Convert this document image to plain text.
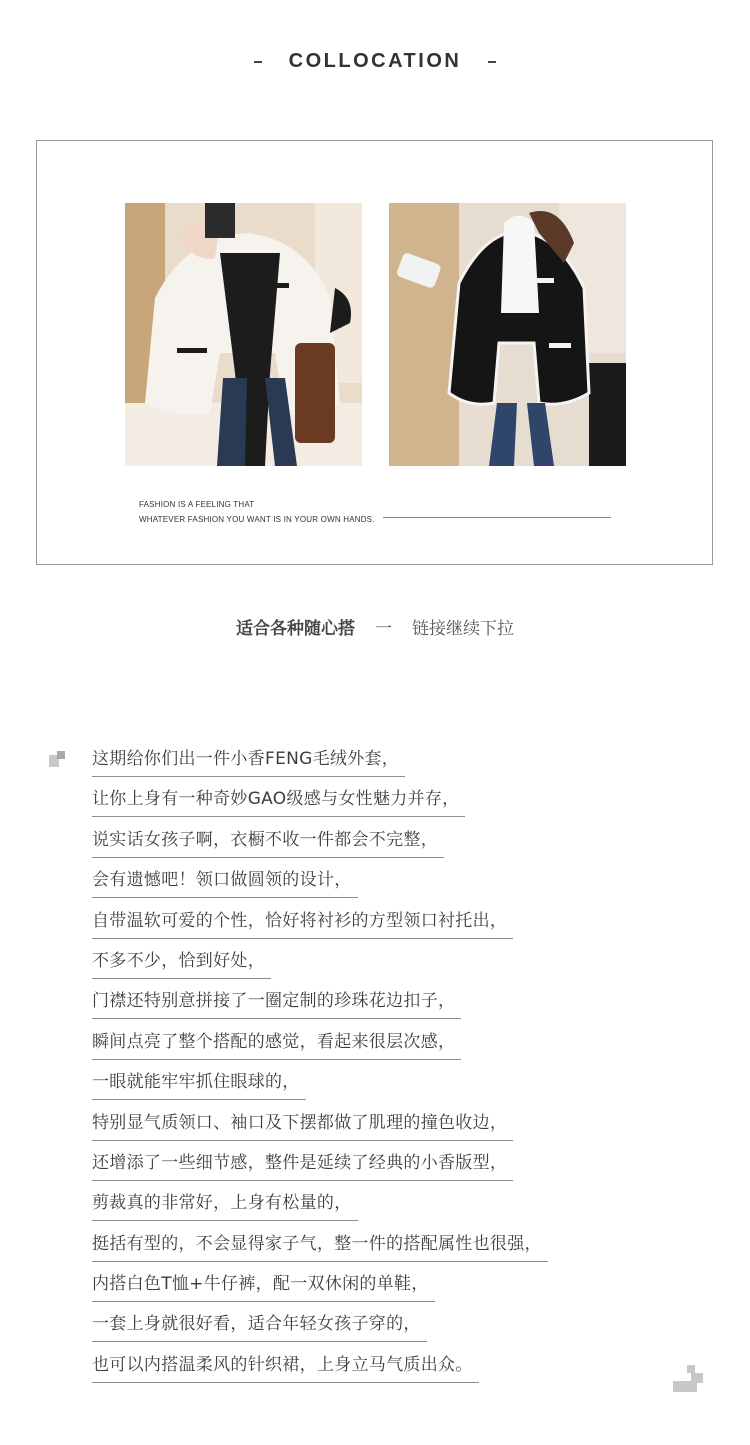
COLLOCATION
FASHION IS A FEELING THAT
WHATEVER FASHION YOU WANT IS IN YOUR OWN HANDS.
适合各种随心搭 一 链接继续下拉
这期给你们出一件小香FENG毛绒外套，
让你上身有一种奇妙GAO级感与女性魅力并存，
说实话女孩子啊，衣橱不收一件都会不完整，
会有遗憾吧！领口做圆领的设计，
自带温软可爱的个性，恰好将衬衫的方型领口衬托出，
不多不少，恰到好处，
门襟还特别意拼接了一圈定制的珍珠花边扣子，
瞬间点亮了整个搭配的感觉，看起来很层次感，
一眼就能牢牢抓住眼球的，
特别显气质领口、袖口及下摆都做了肌理的撞色收边，
还增添了一些细节感，整件是延续了经典的小香版型，
剪裁真的非常好，上身有松量的，
挺括有型的，不会显得家子气，整一件的搭配属性也很强，
内搭白色T恤+牛仔裤，配一双休闲的单鞋，
一套上身就很好看，适合年轻女孩子穿的，
也可以内搭温柔风的针织裙，上身立马气质出众。
